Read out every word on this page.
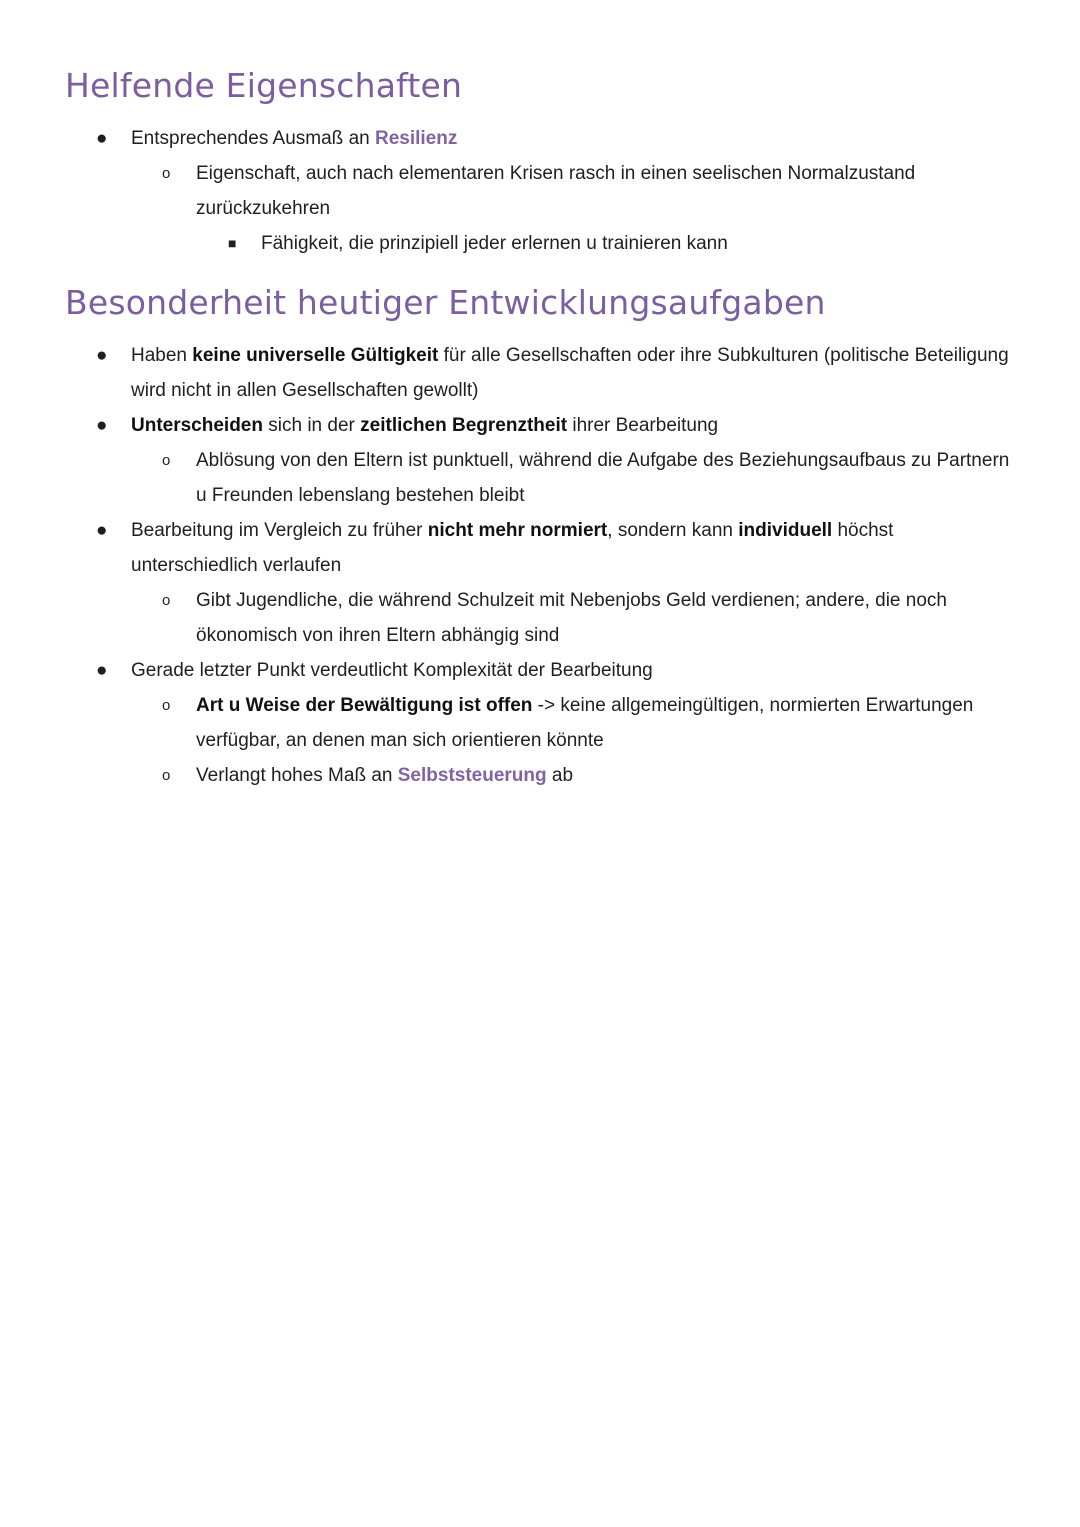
Helfende Eigenschaften
● Entsprechendes Ausmaß an Resilienz
o Eigenschaft, auch nach elementaren Krisen rasch in einen seelischen Normalzustand zurückzukehren
■ Fähigkeit, die prinzipiell jeder erlernen u trainieren kann
Besonderheit heutiger Entwicklungsaufgaben
● Haben keine universelle Gültigkeit für alle Gesellschaften oder ihre Subkulturen (politische Beteiligung wird nicht in allen Gesellschaften gewollt)
● Unterscheiden sich in der zeitlichen Begrenztheit ihrer Bearbeitung
o Ablösung von den Eltern ist punktuell, während die Aufgabe des Beziehungsaufbaus zu Partnern u Freunden lebenslang bestehen bleibt
● Bearbeitung im Vergleich zu früher nicht mehr normiert, sondern kann individuell höchst unterschiedlich verlaufen
o Gibt Jugendliche, die während Schulzeit mit Nebenjobs Geld verdienen; andere, die noch ökonomisch von ihren Eltern abhängig sind
● Gerade letzter Punkt verdeutlicht Komplexität der Bearbeitung
o Art u Weise der Bewältigung ist offen -> keine allgemeingültigen, normierten Erwartungen verfügbar, an denen man sich orientieren könnte
o Verlangt hohes Maß an Selbststeuerung ab
